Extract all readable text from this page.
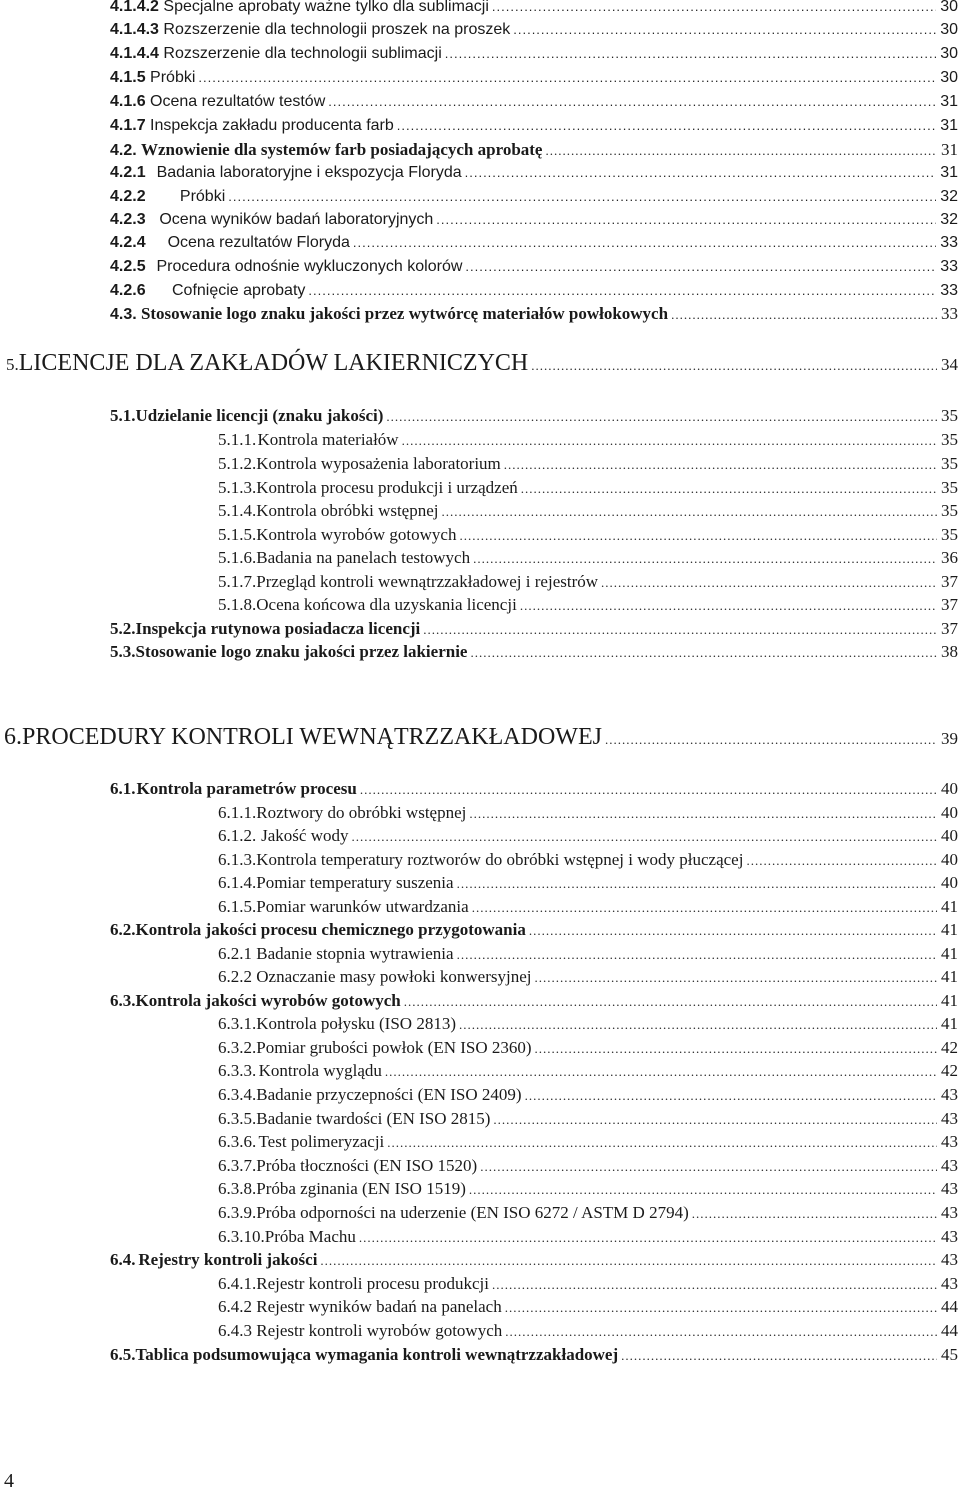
4.1.4.2
Specjalne aprobaty ważne tylko dla sublimacji .....	30
4.1.4.3
Rozszerzenie dla technologii proszek na proszek .....	30
4.1.4.4
Rozszerzenie dla technologii sublimacji .....	30
4.1.5
Próbki .....	30
4.1.6
Ocena rezultatów testów .....	31
4.1.7
Inspekcja zakładu producenta farb .....	31
4.2.
Wznowienie dla systemów farb posiadających aprobatę .....	31
4.2.1 Badania laboratoryjne i ekspozycja Floryda .....	31
4.2.2	Próbki .....	32
4.2.3 Ocena wyników badań laboratoryjnych .....	32
4.2.4	Ocena rezultatów Floryda .....	33
4.2.5 Procedura odnośnie wykluczonych kolorów .....	33
4.2.6	Cofnięcie aprobaty .....	33
4.3.
Stosowanie logo znaku jakości przez wytwórcę materiałów powłokowych .....	33
5. LICENCJE DLA ZAKŁADÓW LAKIERNICZYCH .....	34
5.1. Udzielanie licencji (znaku jakości) .....	35
5.1.1. Kontrola materiałów .....	35
5.1.2. Kontrola wyposażenia laboratorium .....	35
5.1.3. Kontrola procesu produkcji i urządzeń .....	35
5.1.4. Kontrola obróbki wstępnej .....	35
5.1.5. Kontrola wyrobów gotowych .....	35
5.1.6. Badania na panelach testowych .....	36
5.1.7. Przegląd kontroli wewnątrzzakładowej i rejestrów .....	37
5.1.8. Ocena końcowa dla uzyskania licencji .....	37
5.2. Inspekcja rutynowa posiadacza licencji .....	37
5.3. Stosowanie logo znaku jakości przez lakiernie .....	38
6. PROCEDURY KONTROLI WEWNĄTRZZAKŁADOWEJ .....	39
6.1. Kontrola parametrów procesu .....	40
6.1.1. Roztwory do obróbki wstępnej .....	40
6.1.2. Jakość wody .....	40
6.1.3. Kontrola temperatury roztworów do obróbki wstępnej i wody płuczącej .....	40
6.1.4. Pomiar temperatury suszenia .....	40
6.1.5. Pomiar warunków utwardzania .....	41
6.2. Kontrola jakości procesu chemicznego przygotowania .....	41
6.2.1
Badanie stopnia wytrawienia .....	41
6.2.2
Oznaczanie masy powłoki konwersyjnej .....	41
6.3. Kontrola jakości wyrobów gotowych .....	41
6.3.1. Kontrola połysku (ISO 2813) .....	41
6.3.2. Pomiar grubości powłok (EN ISO 2360) .....	42
6.3.3. Kontrola wyglądu .....	42
6.3.4. Badanie przyczepności (EN ISO 2409) .....	43
6.3.5. Badanie twardości (EN ISO 2815) .....	43
6.3.6. Test polimeryzacji .....	43
6.3.7. Próba tłoczności (EN ISO 1520) .....	43
6.3.8. Próba zginania (EN ISO 1519) .....	43
6.3.9. Próba odporności na uderzenie (EN ISO 6272 / ASTM D 2794) .....	43
6.3.10. Próba Machu .....	43
6.4. Rejestry kontroli jakości .....	43
6.4.1. Rejestr kontroli procesu produkcji .....	43
6.4.2
Rejestr wyników badań na panelach .....	44
6.4.3
Rejestr kontroli wyrobów gotowych .....	44
6.5. Tablica podsumowująca wymagania kontroli wewnątrzzakładowej .....	45
4
